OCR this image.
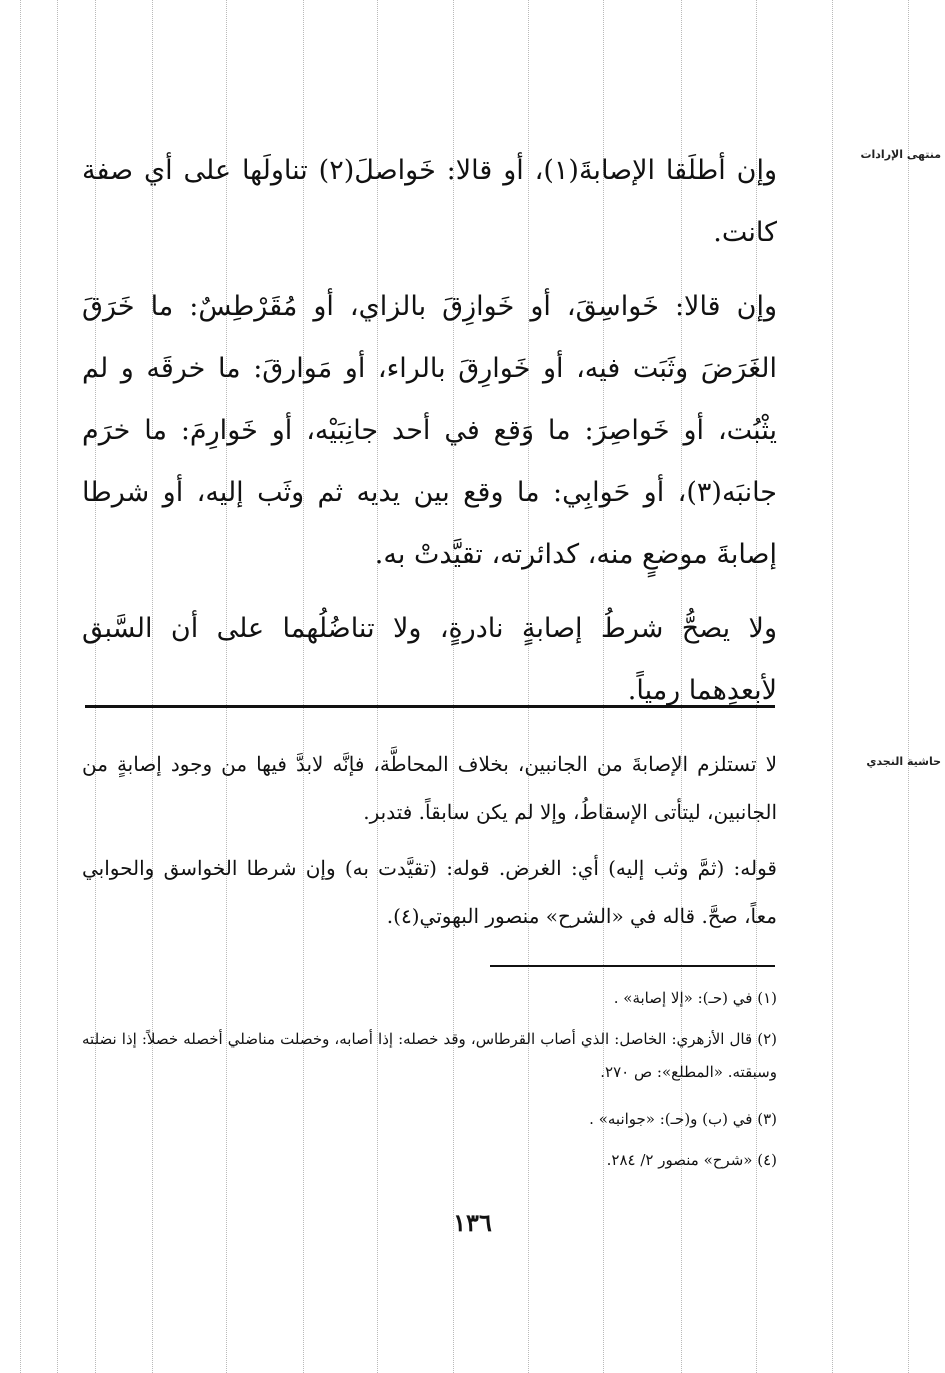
منتهى الإرادات

وإن أطلَقا الإصابةَ(١)، أو قالا: خَواصلَ(٢) تناولَها على أي صفة كانت.

وإن قالا: خَواسِقَ، أو خَوازِقَ بالزاي، أو مُقَرْطِسٌ: ما خَرَقَ الغَرَضَ وثَبَت فيه، أو خَوارِقَ بالراء، أو مَوارقَ: ما خرقَه و لم يثْبُت، أو خَواصِرَ: ما وَقع في أحد جانِبَيْه، أو خَوارِمَ: ما خرَم جانبَه(٣)، أو حَوابِي: ما وقع بين يديه ثم وثَب إليه، أو شرطا إصابةَ موضعٍ منه، كدائرته، تقيَّدتْ به.

ولا يصحُّ شرطُ إصابةٍ نادرةٍ، ولا تناضُلُهما على أن السَّبق لأبعدِهما رمياً.

حاشية النجدي

لا تستلزم الإصابةَ من الجانبين، بخلاف المحاطَّة، فإنَّه لابدَّ فيها من وجود إصابةٍ من الجانبين، ليتأتى الإسقاطُ، وإلا لم يكن سابقاً. فتدبر.

قوله: (ثمَّ وثب إليه) أي: الغرض. قوله: (تقيَّدت به) وإن شرطا الخواسق والحوابي معاً، صحَّ. قاله في «الشرح» منصور البهوتي(٤).

(١) في (حـ): «إلا إصابة» .

(٢) قال الأزهري: الخاصل: الذي أصاب القرطاس، وقد خصله: إذا أصابه، وخصلت مناضلي أخصله خصلاً: إذا نضلته وسبقته. «المطلع»: ص ٢٧٠.

(٣) في (ب) و(حـ): «جوانبه» .

(٤) «شرح» منصور ٢/ ٢٨٤.

١٣٦
